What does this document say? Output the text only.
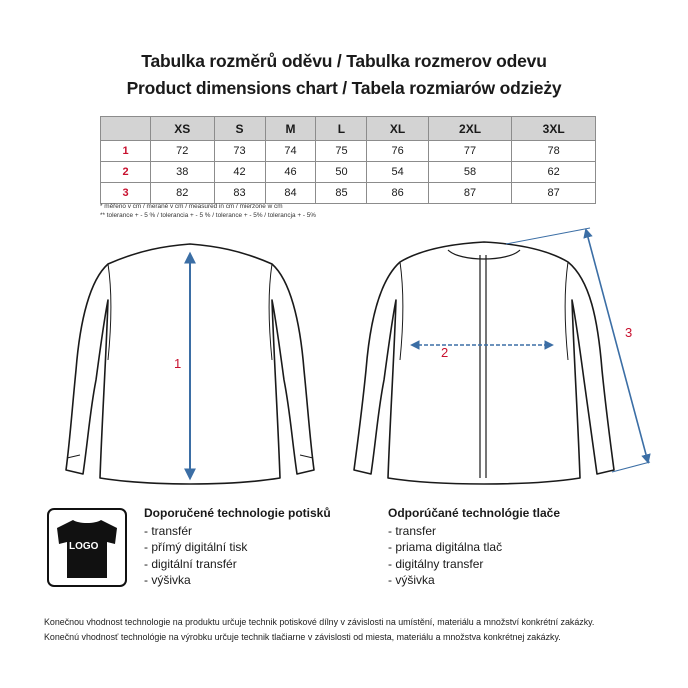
Tabulka rozměrů oděvu / Tabulka rozmerov odevu
Product dimensions chart / Tabela rozmiarów odzieży
	XS	S	M	L	XL	2XL	3XL
1	72	73	74	75	76	77	78
2	38	42	46	50	54	58	62
3	82	83	84	85	86	87	87
* měřeno v cm / merané v cm / measured in cm / mierzone w cm
** tolerance + - 5 % / tolerancia + - 5 % / tolerance + - 5% / tolerancja + - 5%
1
2
3
LOGO
Doporučené technologie potisků
- transfér
- přímý digitální tisk
- digitální transfér
- výšivka
Odporúčané technológie tlače
- transfer
- priama digitálna tlač
- digitálny transfer
- výšivka
Konečnou vhodnost technologie na produktu určuje technik potiskové dílny v závislosti na umístění, materiálu a množství konkrétní zakázky.
Konečnú vhodnosť technológie na výrobku určuje technik tlačiarne v závislosti od miesta, materiálu a množstva konkrétnej zakázky.
